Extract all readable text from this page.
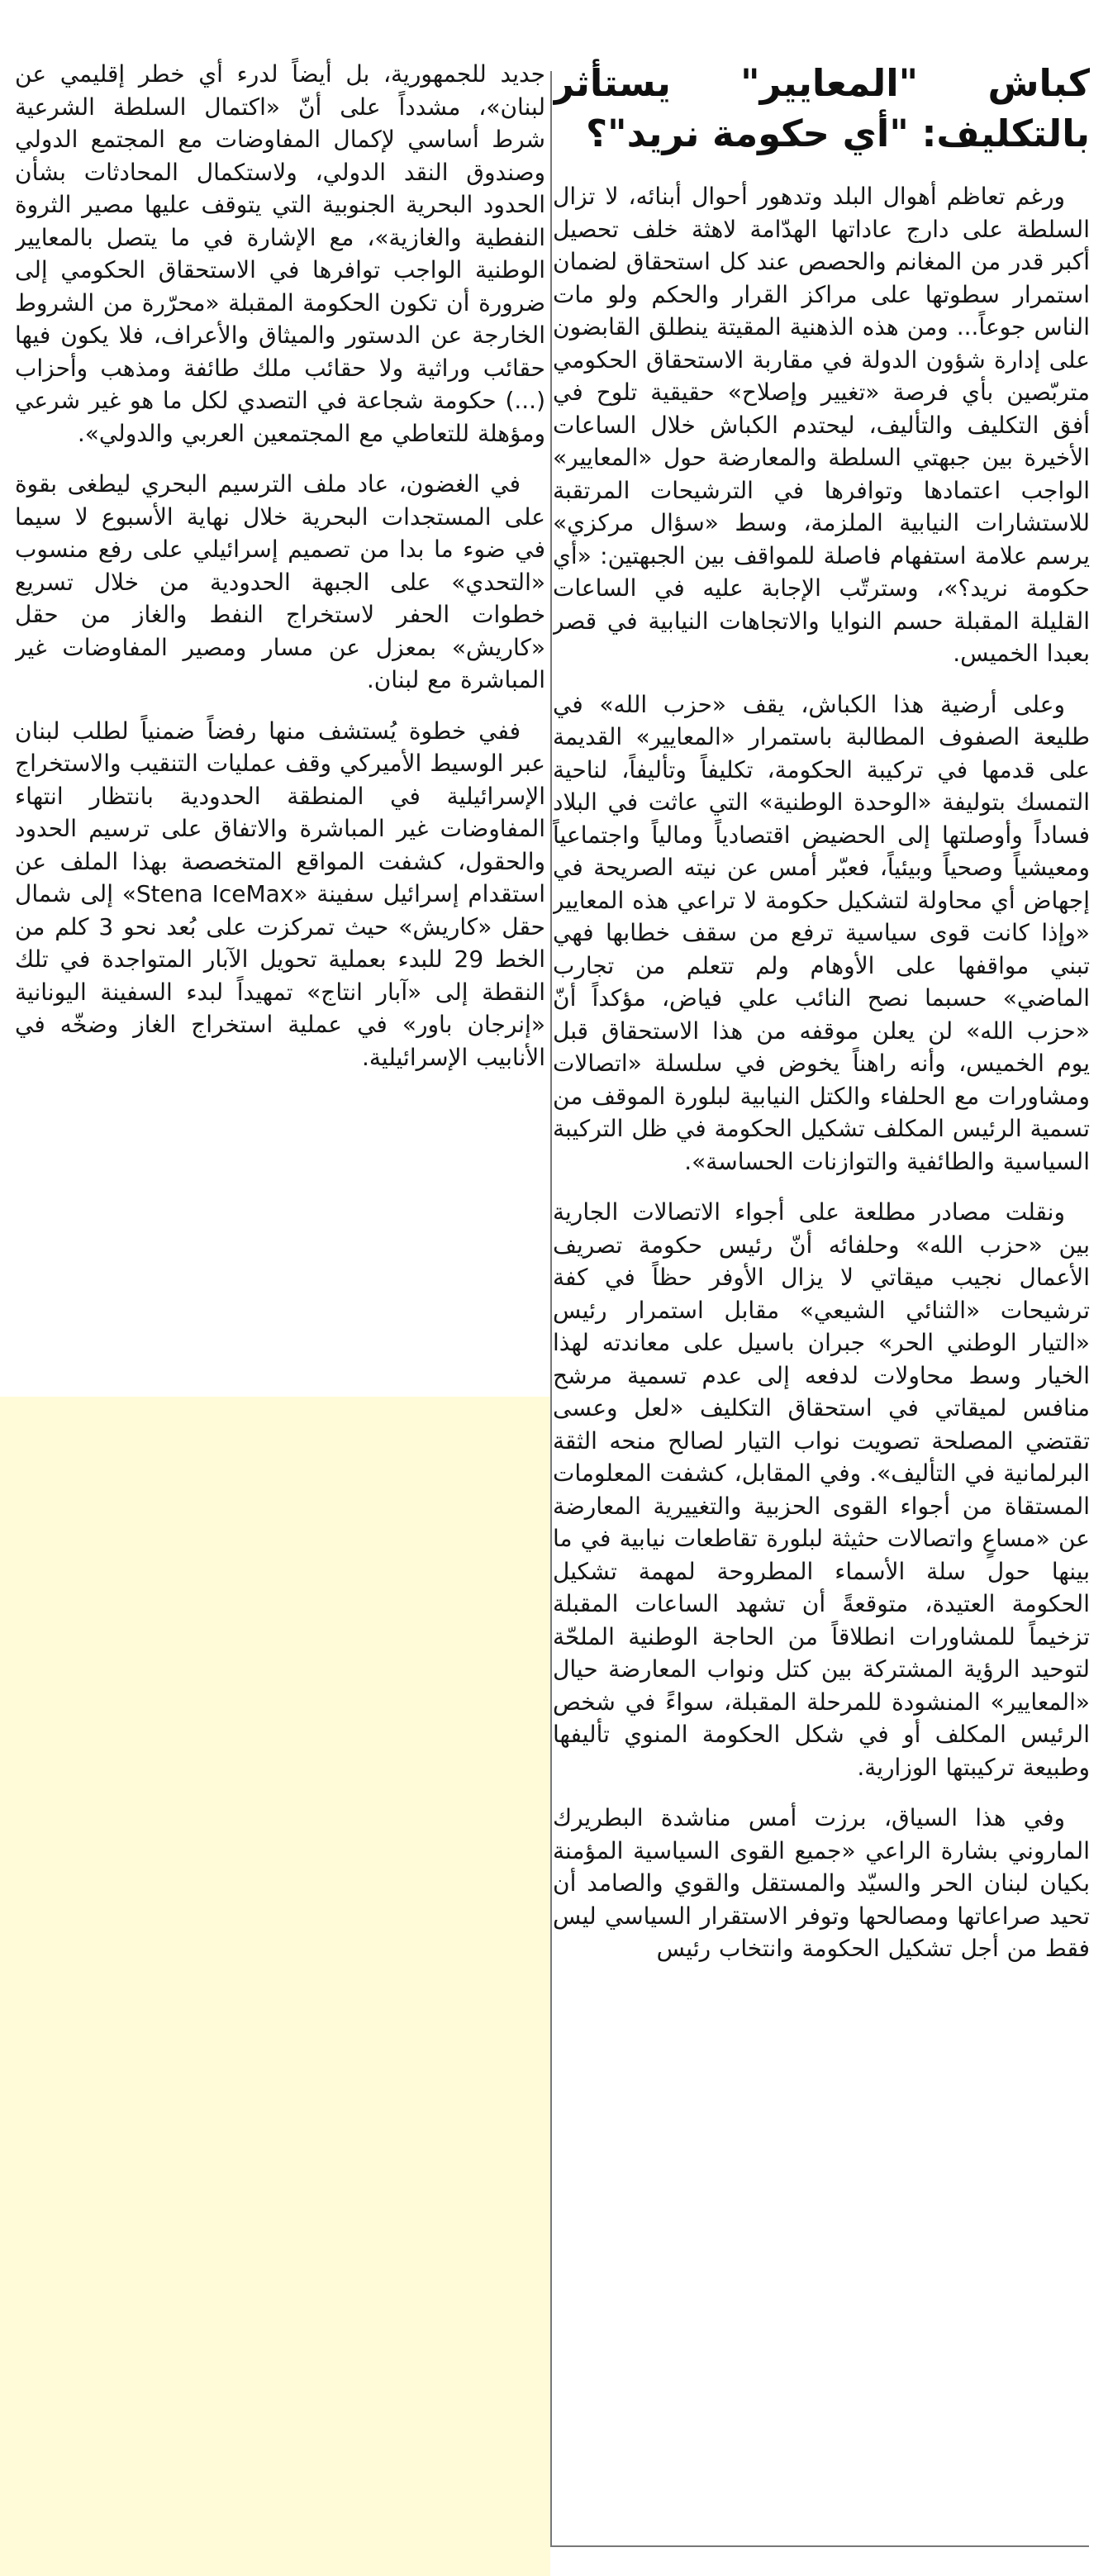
كباش "المعايير" يستأثر بالتكليف: "أي حكومة نريد"؟

ورغم تعاظم أهوال البلد وتدهور أحوال أبنائه، لا تزال السلطة على دارج عاداتها الهدّامة لاهثة خلف تحصيل أكبر قدر من المغانم والحصص عند كل استحقاق لضمان استمرار سطوتها على مراكز القرار والحكم ولو مات الناس جوعاً... ومن هذه الذهنية المقيتة ينطلق القابضون على إدارة شؤون الدولة في مقاربة الاستحقاق الحكومي متربّصين بأي فرصة «تغيير وإصلاح» حقيقية تلوح في أفق التكليف والتأليف، ليحتدم الكباش خلال الساعات الأخيرة بين جبهتي السلطة والمعارضة حول «المعايير» الواجب اعتمادها وتوافرها في الترشيحات المرتقبة للاستشارات النيابية الملزمة، وسط «سؤال مركزي» يرسم علامة استفهام فاصلة للمواقف بين الجبهتين: «أي حكومة نريد؟»، وسترتّب الإجابة عليه في الساعات القليلة المقبلة حسم النوايا والاتجاهات النيابية في قصر بعبدا الخميس.

وعلى أرضية هذا الكباش، يقف «حزب الله» في طليعة الصفوف المطالبة باستمرار «المعايير» القديمة على قدمها في تركيبة الحكومة، تكليفاً وتأليفاً، لناحية التمسك بتوليفة «الوحدة الوطنية» التي عاثت في البلاد فساداً وأوصلتها إلى الحضيض اقتصادياً ومالياً واجتماعياً ومعيشياً وصحياً وبيئياً، فعبّر أمس عن نيته الصريحة في إجهاض أي محاولة لتشكيل حكومة لا تراعي هذه المعايير «وإذا كانت قوى سياسية ترفع من سقف خطابها فهي تبني مواقفها على الأوهام ولم تتعلم من تجارب الماضي» حسبما نصح النائب علي فياض، مؤكداً أنّ «حزب الله» لن يعلن موقفه من هذا الاستحقاق قبل يوم الخميس، وأنه راهناً يخوض في سلسلة «اتصالات ومشاورات مع الحلفاء والكتل النيابية لبلورة الموقف من تسمية الرئيس المكلف تشكيل الحكومة في ظل التركيبة السياسية والطائفية والتوازنات الحساسة».

ونقلت مصادر مطلعة على أجواء الاتصالات الجارية بين «حزب الله» وحلفائه أنّ رئيس حكومة تصريف الأعمال نجيب ميقاتي لا يزال الأوفر حظاً في كفة ترشيحات «الثنائي الشيعي» مقابل استمرار رئيس «التيار الوطني الحر» جبران باسيل على معاندته لهذا الخيار وسط محاولات لدفعه إلى عدم تسمية مرشح منافس لميقاتي في استحقاق التكليف «لعل وعسى تقتضي المصلحة تصويت نواب التيار لصالح منحه الثقة البرلمانية في التأليف». وفي المقابل، كشفت المعلومات المستقاة من أجواء القوى الحزبية والتغييرية المعارضة عن «مساعٍ واتصالات حثيثة لبلورة تقاطعات نيابية في ما بينها حول سلة الأسماء المطروحة لمهمة تشكيل الحكومة العتيدة، متوقعةً أن تشهد الساعات المقبلة تزخيماً للمشاورات انطلاقاً من الحاجة الوطنية الملحّة لتوحيد الرؤية المشتركة بين كتل ونواب المعارضة حيال «المعايير» المنشودة للمرحلة المقبلة، سواءً في شخص الرئيس المكلف أو في شكل الحكومة المنوي تأليفها وطبيعة تركيبتها الوزارية.

وفي هذا السياق، برزت أمس مناشدة البطريرك الماروني بشارة الراعي «جميع القوى السياسية المؤمنة بكيان لبنان الحر والسيّد والمستقل والقوي والصامد أن تحيد صراعاتها ومصالحها وتوفر الاستقرار السياسي ليس فقط من أجل تشكيل الحكومة وانتخاب رئيس

جديد للجمهورية، بل أيضاً لدرء أي خطر إقليمي عن لبنان»، مشدداً على أنّ «اكتمال السلطة الشرعية شرط أساسي لإكمال المفاوضات مع المجتمع الدولي وصندوق النقد الدولي، ولاستكمال المحادثات بشأن الحدود البحرية الجنوبية التي يتوقف عليها مصير الثروة النفطية والغازية»، مع الإشارة في ما يتصل بالمعايير الوطنية الواجب توافرها في الاستحقاق الحكومي إلى ضرورة أن تكون الحكومة المقبلة «محرّرة من الشروط الخارجة عن الدستور والميثاق والأعراف، فلا يكون فيها حقائب وراثية ولا حقائب ملك طائفة ومذهب وأحزاب (...) حكومة شجاعة في التصدي لكل ما هو غير شرعي ومؤهلة للتعاطي مع المجتمعين العربي والدولي».

في الغضون، عاد ملف الترسيم البحري ليطغى بقوة على المستجدات البحرية خلال نهاية الأسبوع لا سيما في ضوء ما بدا من تصميم إسرائيلي على رفع منسوب «التحدي» على الجبهة الحدودية من خلال تسريع خطوات الحفر لاستخراج النفط والغاز من حقل «كاريش» بمعزل عن مسار ومصير المفاوضات غير المباشرة مع لبنان.

ففي خطوة يُستشف منها رفضاً ضمنياً لطلب لبنان عبر الوسيط الأميركي وقف عمليات التنقيب والاستخراج الإسرائيلية في المنطقة الحدودية بانتظار انتهاء المفاوضات غير المباشرة والاتفاق على ترسيم الحدود والحقول، كشفت المواقع المتخصصة بهذا الملف عن استقدام إسرائيل سفينة «Stena IceMax» إلى شمال حقل «كاريش» حيث تمركزت على بُعد نحو 3 كلم من الخط 29 للبدء بعملية تحويل الآبار المتواجدة في تلك النقطة إلى «آبار انتاج» تمهيداً لبدء السفينة اليونانية «إنرجان باور» في عملية استخراج الغاز وضخّه في الأنابيب الإسرائيلية.
